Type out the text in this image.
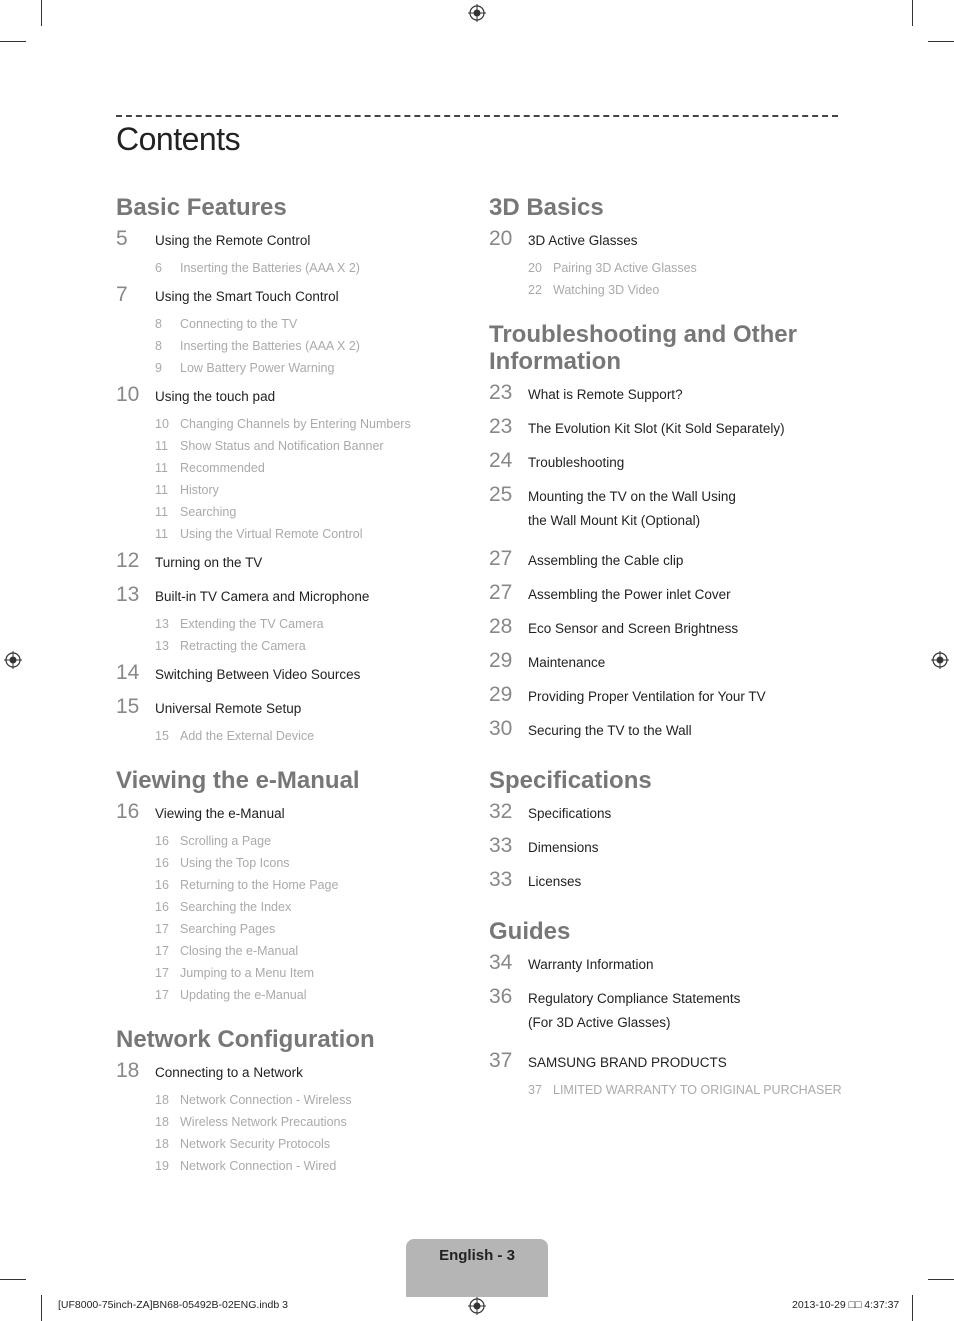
Contents
Basic Features
5	Using the Remote Control
6	Inserting the Batteries (AAA X 2)
7	Using the Smart Touch Control
8	Connecting to the TV
8	Inserting the Batteries (AAA X 2)
9	Low Battery Power Warning
10	Using the touch pad
10 Changing Channels by Entering Numbers
11 Show Status and Notification Banner
11 Recommended
11 History
11 Searching
11 Using the Virtual Remote Control
12	Turning on the TV
13	Built-in TV Camera and Microphone
13 Extending the TV Camera
13 Retracting the Camera
14	Switching Between Video Sources
15	Universal Remote Setup
15 Add the External Device
Viewing the e-Manual
16	Viewing the e-Manual
16 Scrolling a Page
16 Using the Top Icons
16 Returning to the Home Page
16 Searching the Index
17 Searching Pages
17 Closing the e-Manual
17 Jumping to a Menu Item
17 Updating the e-Manual
Network Configuration
18	Connecting to a Network
18 Network Connection - Wireless
18 Wireless Network Precautions
18 Network Security Protocols
19 Network Connection - Wired
3D Basics
20	3D Active Glasses
20 Pairing 3D Active Glasses
22 Watching 3D Video
Troubleshooting and Other Information
23	What is Remote Support?
23	The Evolution Kit Slot (Kit Sold Separately)
24	Troubleshooting
25	Mounting the TV on the Wall Using
the Wall Mount Kit (Optional)
27	Assembling the Cable clip
27	Assembling the Power inlet Cover
28	Eco Sensor and Screen Brightness
29	Maintenance
29	Providing Proper Ventilation for Your TV
30	Securing the TV to the Wall
Specifications
32	Specifications
33	Dimensions
33	Licenses
Guides
34	Warranty Information
36	Regulatory Compliance Statements
(For 3D Active Glasses)
37	SAMSUNG BRAND PRODUCTS
37 LIMITED WARRANTY TO ORIGINAL PURCHASER
English - 3
[UF8000-75inch-ZA]BN68-05492B-02ENG.indb 3	2013-10-29 □□ 4:37:37
